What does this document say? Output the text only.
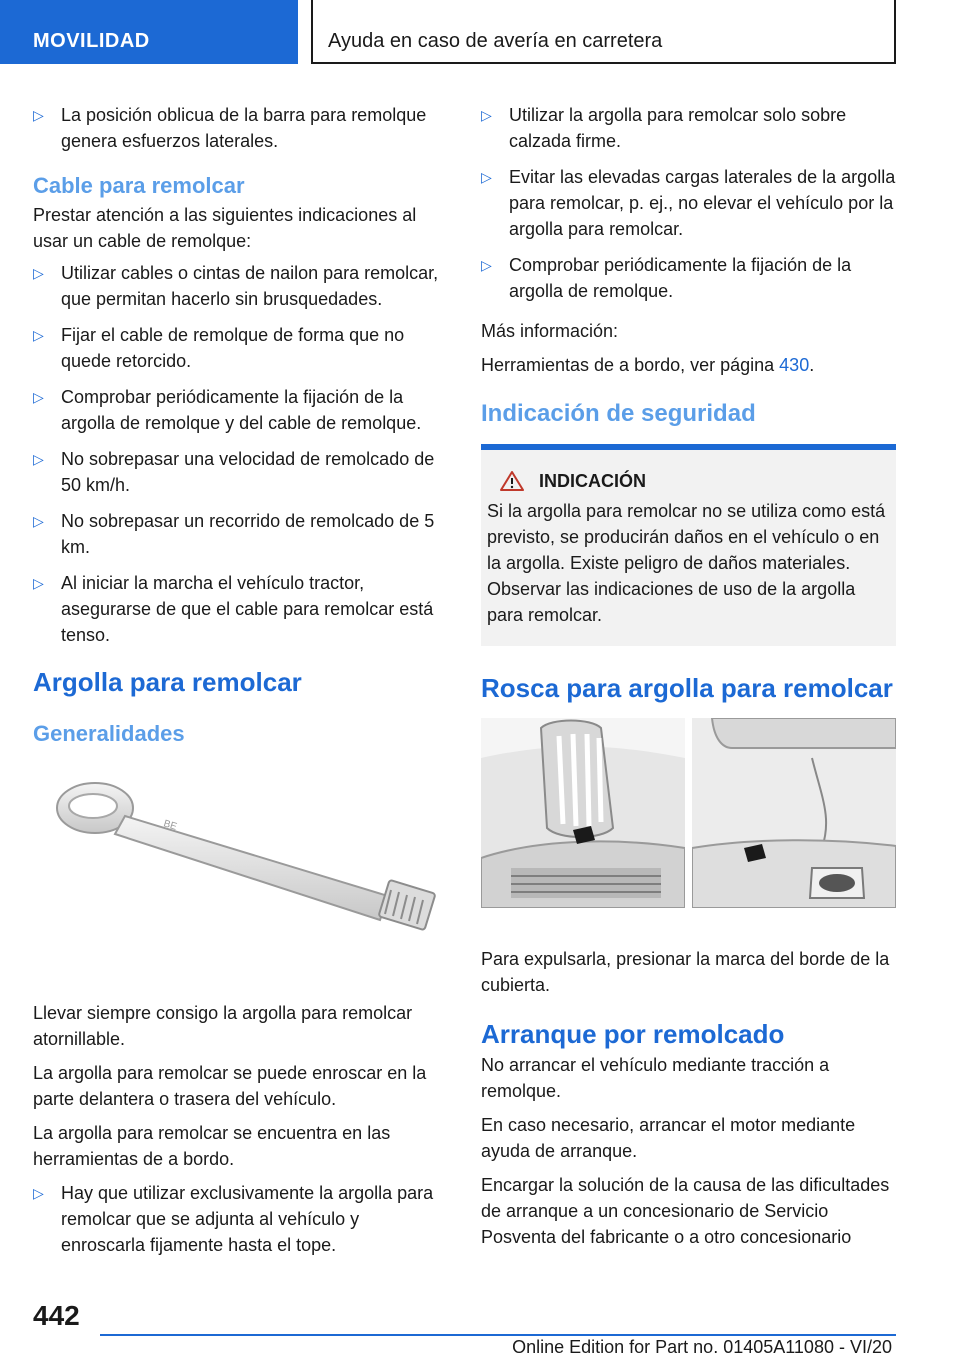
MOVILIDAD	Ayuda en caso de avería en carretera
▷ La posición oblicua de la barra para remolque genera esfuerzos laterales.
Cable para remolcar

Prestar atención a las siguientes indicaciones al usar un cable de remolque:

▷ Utilizar cables o cintas de nailon para remolcar, que permitan hacerlo sin brusquedades.
▷ Fijar el cable de remolque de forma que no quede retorcido.
▷ Comprobar periódicamente la fijación de la argolla de remolque y del cable de remolque.
▷ No sobrepasar una velocidad de remolcado de 50 km/h.
▷ No sobrepasar un recorrido de remolcado de 5 km.
▷ Al iniciar la marcha el vehículo tractor, asegurarse de que el cable para remolcar está tenso.
Argolla para remolcar
Generalidades
BE

Llevar siempre consigo la argolla para remolcar atornillable.

La argolla para remolcar se puede enroscar en la parte delantera o trasera del vehículo.

La argolla para remolcar se encuentra en las herramientas de a bordo.

▷ Hay que utilizar exclusivamente la argolla para remolcar que se adjunta al vehículo y enroscarla fijamente hasta el tope.
▷ Utilizar la argolla para remolcar solo sobre calzada firme.
▷ Evitar las elevadas cargas laterales de la argolla para remolcar, p. ej., no elevar el vehículo por la argolla para remolcar.
▷ Comprobar periódicamente la fijación de la argolla de remolque.

Más información:

Herramientas de a bordo, ver página 430.

Indicación de seguridad
INDICACIÓN

Si la argolla para remolcar no se utiliza como está previsto, se producirán daños en el vehículo o en la argolla. Existe peligro de daños materiales. Observar las indicaciones de uso de la argolla para remolcar.

Rosca para argolla para remolcar

Para expulsarla, presionar la marca del borde de la cubierta.

Arranque por remolcado

No arrancar el vehículo mediante tracción a remolque.

En caso necesario, arrancar el motor mediante ayuda de arranque.

Encargar la solución de la causa de las dificultades de arranque a un concesionario de Servicio Posventa del fabricante o a otro concesionario

442
Online Edition for Part no. 01405A11080 - VI/20
